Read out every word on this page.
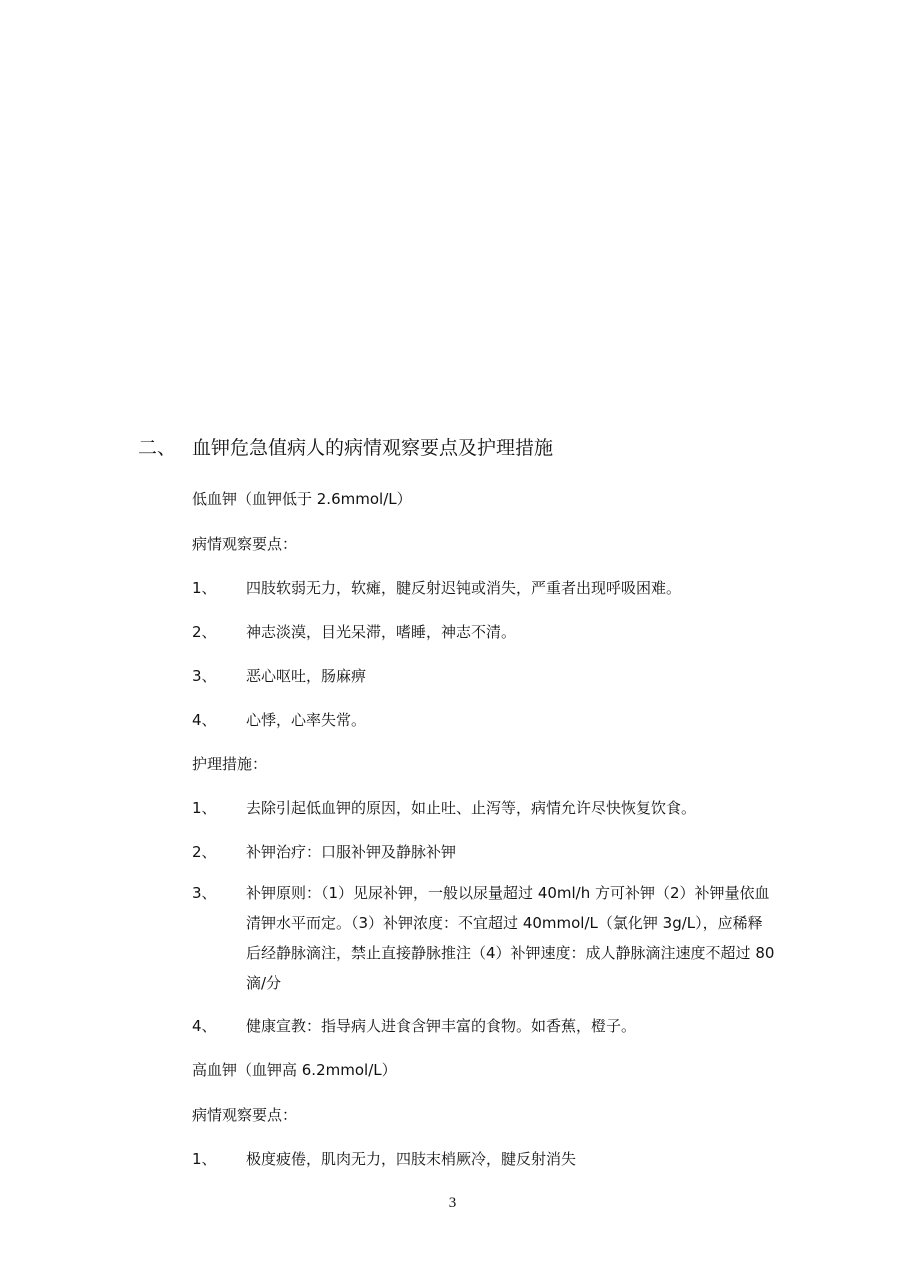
二、 血钾危急值病人的病情观察要点及护理措施
低血钾（血钾低于 2.6mmol/L）
病情观察要点：
1、 四肢软弱无力，软瘫，腱反射迟钝或消失，严重者出现呼吸困难。
2、 神志淡漠，目光呆滞，嗜睡，神志不清。
3、 恶心呕吐，肠麻痹
4、 心悸，心率失常。
护理措施：
1、 去除引起低血钾的原因，如止吐、止泻等，病情允许尽快恢复饮食。
2、 补钾治疗：口服补钾及静脉补钾
3、 补钾原则：（1）见尿补钾，一般以尿量超过 40ml/h 方可补钾（2）补钾量依血清钾水平而定。（3）补钾浓度：不宜超过 40mmol/L（氯化钾 3g/L），应稀释后经静脉滴注，禁止直接静脉推注（4）补钾速度：成人静脉滴注速度不超过 80 滴/分
4、 健康宣教：指导病人进食含钾丰富的食物。如香蕉，橙子。
高血钾（血钾高 6.2mmol/L）
病情观察要点：
1、 极度疲倦，肌肉无力，四肢末梢厥冷，腱反射消失
3
